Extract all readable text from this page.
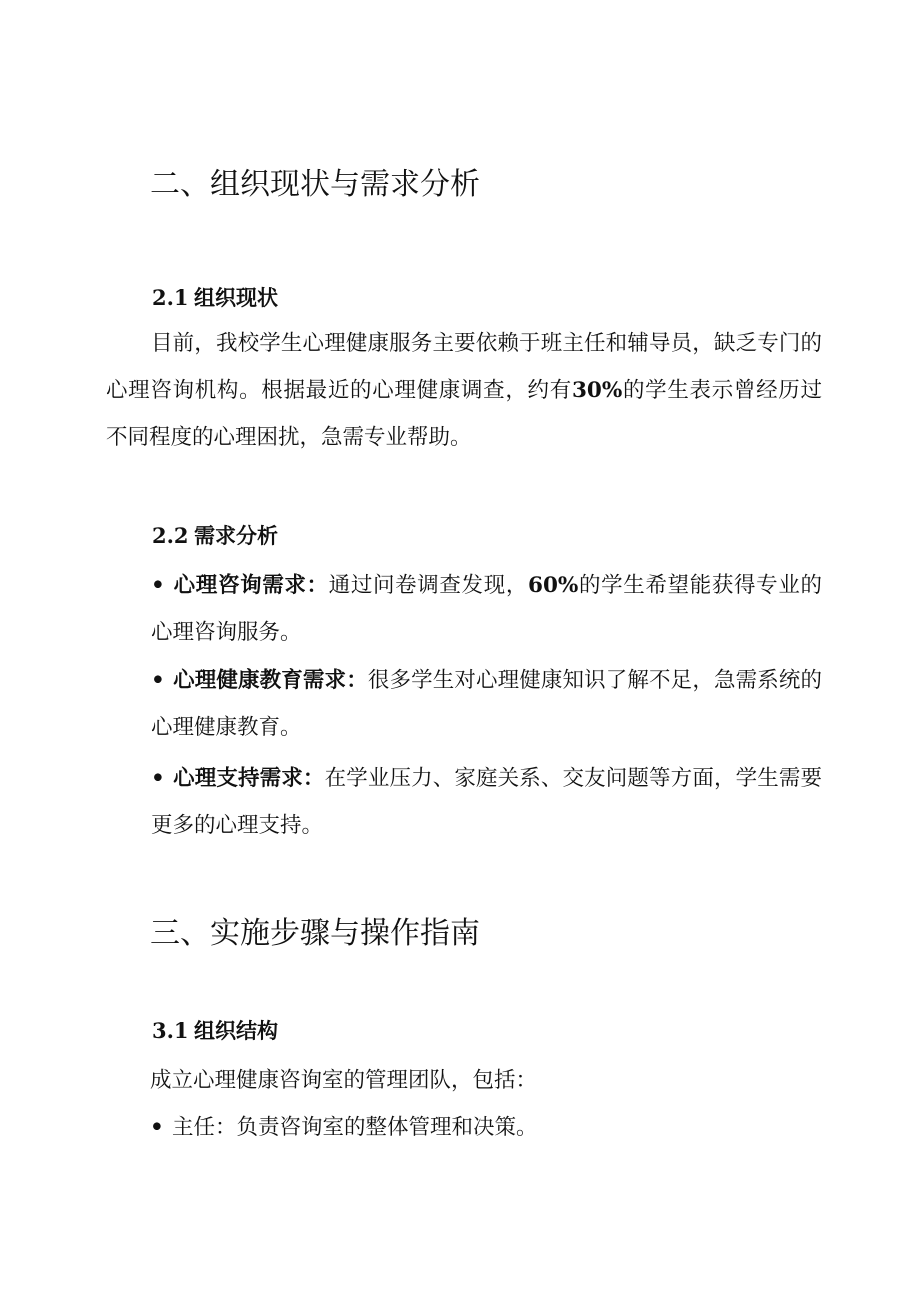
二、组织现状与需求分析
2.1 组织现状
目前，我校学生心理健康服务主要依赖于班主任和辅导员，缺乏专门的心理咨询机构。根据最近的心理健康调查，约有30%的学生表示曾经历过不同程度的心理困扰，急需专业帮助。
2.2 需求分析
• 心理咨询需求：通过问卷调查发现，60%的学生希望能获得专业的心理咨询服务。
• 心理健康教育需求：很多学生对心理健康知识了解不足，急需系统的心理健康教育。
• 心理支持需求：在学业压力、家庭关系、交友问题等方面，学生需要更多的心理支持。
三、实施步骤与操作指南
3.1 组织结构
成立心理健康咨询室的管理团队，包括：
• 主任：负责咨询室的整体管理和决策。
